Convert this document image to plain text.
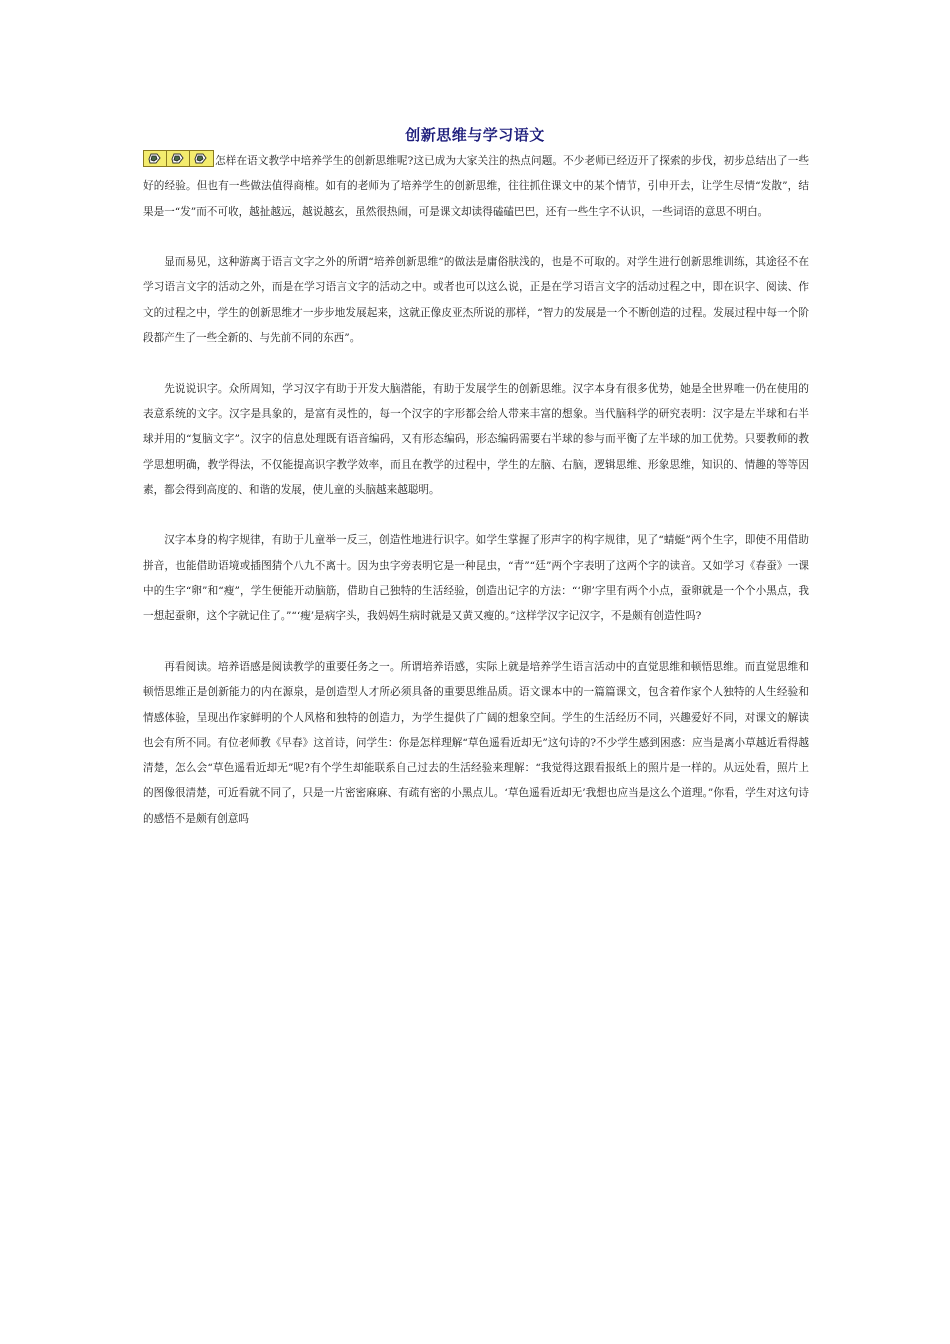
创新思维与学习语文

怎样在语文教学中培养学生的创新思维呢?这已成为大家关注的热点问题。不少老师已经迈开了探索的步伐，初步总结出了一些好的经验。但也有一些做法值得商榷。如有的老师为了培养学生的创新思维，往往抓住课文中的某个情节，引申开去，让学生尽情“发散”，结果是一“发”而不可收，越扯越远，越说越玄，虽然很热闹，可是课文却读得磕磕巴巴，还有一些生字不认识，一些词语的意思不明白。

显而易见，这种游离于语言文字之外的所谓“培养创新思维”的做法是庸俗肤浅的，也是不可取的。对学生进行创新思维训练，其途径不在学习语言文字的活动之外，而是在学习语言文字的活动之中。或者也可以这么说，正是在学习语言文字的活动过程之中，即在识字、阅读、作文的过程之中，学生的创新思维才一步步地发展起来，这就正像皮亚杰所说的那样，“智力的发展是一个不断创造的过程。发展过程中每一个阶段都产生了一些全新的、与先前不同的东西”。

先说说识字。众所周知，学习汉字有助于开发大脑潜能，有助于发展学生的创新思维。汉字本身有很多优势，她是全世界唯一仍在使用的表意系统的文字。汉字是具象的，是富有灵性的，每一个汉字的字形都会给人带来丰富的想象。当代脑科学的研究表明：汉字是左半球和右半球并用的“复脑文字”。汉字的信息处理既有语音编码，又有形态编码，形态编码需要右半球的参与而平衡了左半球的加工优势。只要教师的教学思想明确，教学得法，不仅能提高识字教学效率，而且在教学的过程中，学生的左脑、右脑，逻辑思维、形象思维，知识的、情趣的等等因素，都会得到高度的、和谐的发展，使儿童的头脑越来越聪明。

汉字本身的构字规律，有助于儿童举一反三，创造性地进行识字。如学生掌握了形声字的构字规律，见了“蜻蜓”两个生字，即使不用借助拼音，也能借助语境或插图猜个八九不离十。因为虫字旁表明它是一种昆虫，“青”“廷”两个字表明了这两个字的读音。又如学习《春蚕》一课中的生字“卵”和“瘦”，学生便能开动脑筋，借助自己独特的生活经验，创造出记字的方法：“‘卵’字里有两个小点，蚕卵就是一个个小黑点，我一想起蚕卵，这个字就记住了。”“‘瘦’是病字头，我妈妈生病时就是又黄又瘦的。”这样学汉字记汉字，不是颇有创造性吗?

再看阅读。培养语感是阅读教学的重要任务之一。所谓培养语感，实际上就是培养学生语言活动中的直觉思维和顿悟思维。而直觉思维和顿悟思维正是创新能力的内在源泉，是创造型人才所必须具备的重要思维品质。语文课本中的一篇篇课文，包含着作家个人独特的人生经验和情感体验，呈现出作家鲜明的个人风格和独特的创造力，为学生提供了广阔的想象空间。学生的生活经历不同，兴趣爱好不同，对课文的解读也会有所不同。有位老师教《早春》这首诗，问学生：你是怎样理解“草色遥看近却无”这句诗的?不少学生感到困惑：应当是离小草越近看得越清楚，怎么会“草色遥看近却无”呢?有个学生却能联系自己过去的生活经验来理解：“我觉得这跟看报纸上的照片是一样的。从远处看，照片上的图像很清楚，可近看就不同了，只是一片密密麻麻、有疏有密的小黑点儿。‘草色遥看近却无’我想也应当是这么个道理。”你看，学生对这句诗的感悟不是颇有创意吗
